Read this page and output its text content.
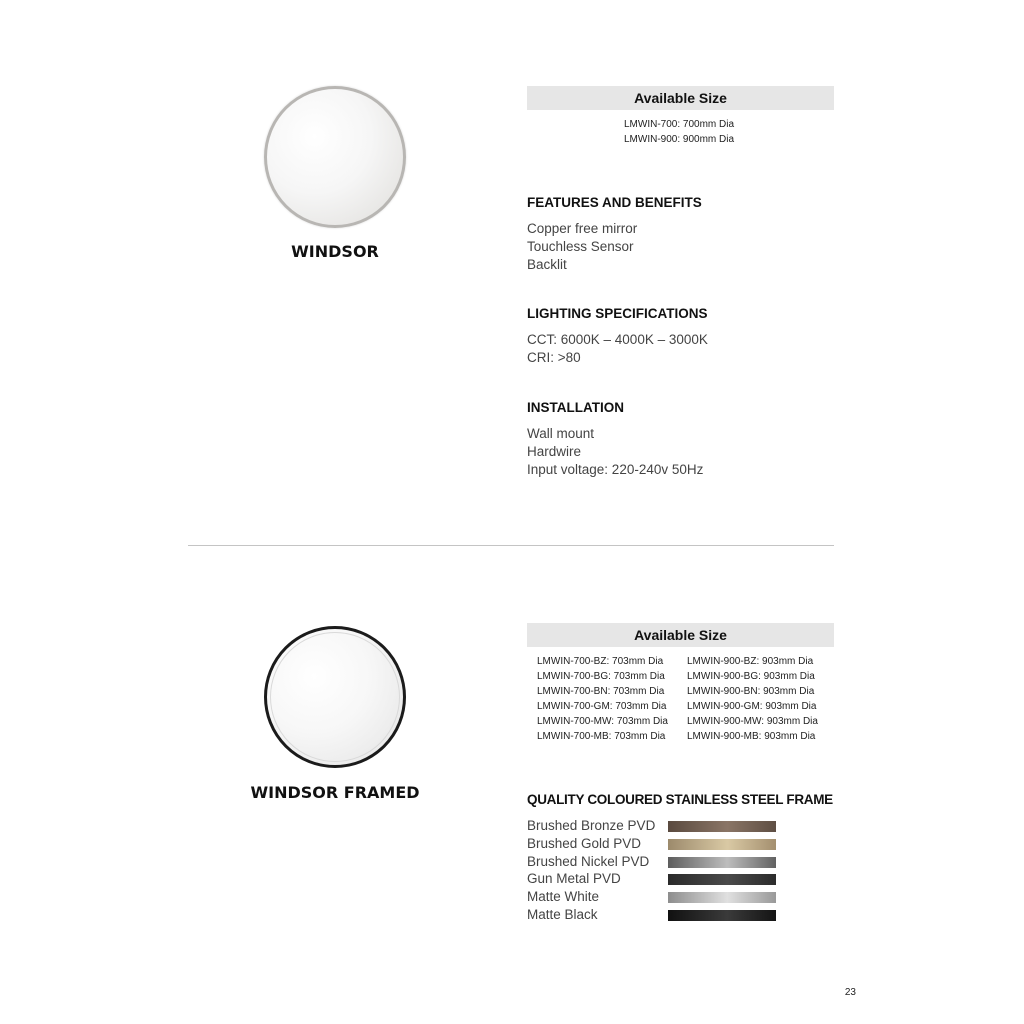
WINDSOR
Available Size
LMWIN-700: 700mm Dia
LMWIN-900: 900mm Dia
FEATURES AND BENEFITS
Copper free mirror
Touchless Sensor
Backlit
LIGHTING SPECIFICATIONS
CCT: 6000K – 4000K – 3000K
CRI: >80
INSTALLATION
Wall mount
Hardwire
Input voltage: 220-240v 50Hz
WINDSOR FRAMED
Available Size
LMWIN-700-BZ: 703mm Dia	LMWIN-900-BZ: 903mm Dia
LMWIN-700-BG: 703mm Dia	LMWIN-900-BG: 903mm Dia
LMWIN-700-BN: 703mm Dia	LMWIN-900-BN: 903mm Dia
LMWIN-700-GM: 703mm Dia	LMWIN-900-GM: 903mm Dia
LMWIN-700-MW: 703mm Dia	LMWIN-900-MW: 903mm Dia
LMWIN-700-MB: 703mm Dia	LMWIN-900-MB: 903mm Dia
QUALITY COLOURED STAINLESS STEEL FRAME
Brushed Bronze PVD
Brushed Gold PVD
Brushed Nickel PVD
Gun Metal PVD
Matte White
Matte Black
23
